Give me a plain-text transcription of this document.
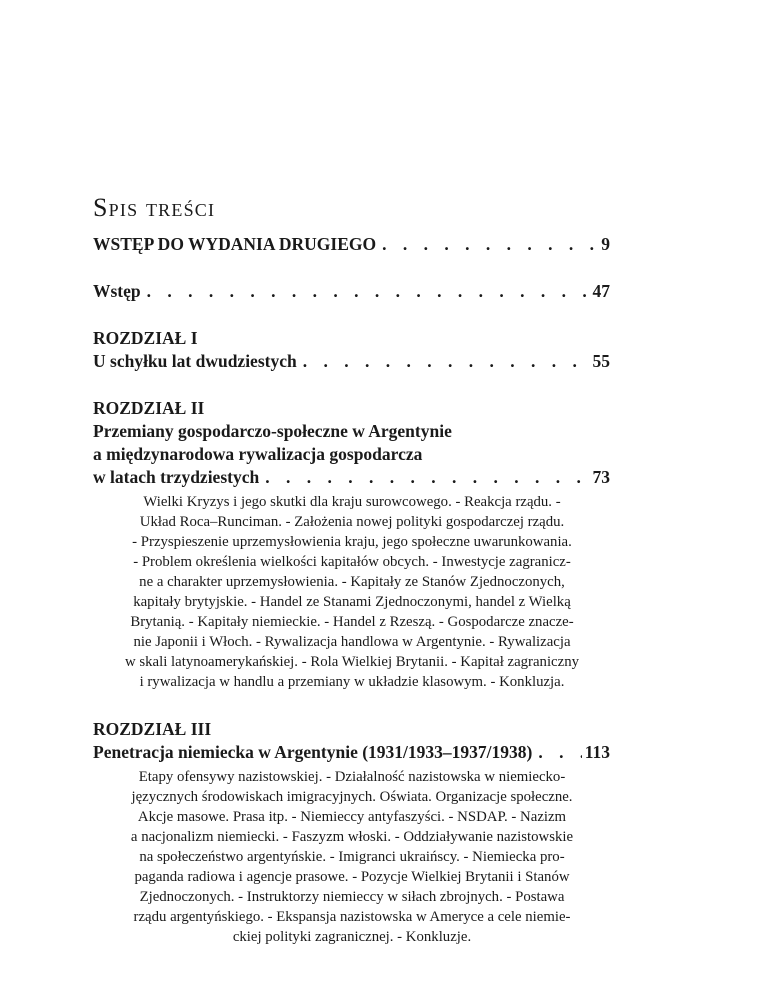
Spis treści
WSTĘP DO WYDANIA DRUGIEGO . . .	9
Wstęp . . .	47

ROZDZIAŁ I

U schyłku lat dwudziestych . . .	55

ROZDZIAŁ II

Przemiany gospodarczo-społeczne w Argentynie

a międzynarodowa rywalizacja gospodarcza

w latach trzydziestych . . .	73
Wielki Kryzys i jego skutki dla kraju surowcowego. - Reakcja rządu. -
Układ Roca–Runciman. - Założenia nowej polityki gospodarczej rządu.
- Przyspieszenie uprzemysłowienia kraju, jego społeczne uwarunkowania.
- Problem określenia wielkości kapitałów obcych. - Inwestycje zagranicz-
ne a charakter uprzemysłowienia. - Kapitały ze Stanów Zjednoczonych,
kapitały brytyjskie. - Handel ze Stanami Zjednoczonymi, handel z Wielką
Brytanią. - Kapitały niemieckie. - Handel z Rzeszą. - Gospodarcze znacze-
nie Japonii i Włoch. - Rywalizacja handlowa w Argentynie. - Rywalizacja
w skali latynoamerykańskiej. - Rola Wielkiej Brytanii. - Kapitał zagraniczny
i rywalizacja w handlu a przemiany w układzie klasowym. - Konkluzja.

ROZDZIAŁ III

Penetracja niemiecka w Argentynie (1931/1933–1937/1938) . . .	113
Etapy ofensywy nazistowskiej. - Działalność nazistowska w niemiecko-
języcznych środowiskach imigracyjnych. Oświata. Organizacje społeczne.
Akcje masowe. Prasa itp. - Niemieccy antyfaszyści. - NSDAP. - Nazizm
a nacjonalizm niemiecki. - Faszyzm włoski. - Oddziaływanie nazistowskie
na społeczeństwo argentyńskie. - Imigranci ukraińscy. - Niemiecka pro-
paganda radiowa i agencje prasowe. - Pozycje Wielkiej Brytanii i Stanów
Zjednoczonych. - Instruktorzy niemieccy w siłach zbrojnych. - Postawa
rządu argentyńskiego. - Ekspansja nazistowska w Ameryce a cele niemie-
ckiej polityki zagranicznej. - Konkluzje.
